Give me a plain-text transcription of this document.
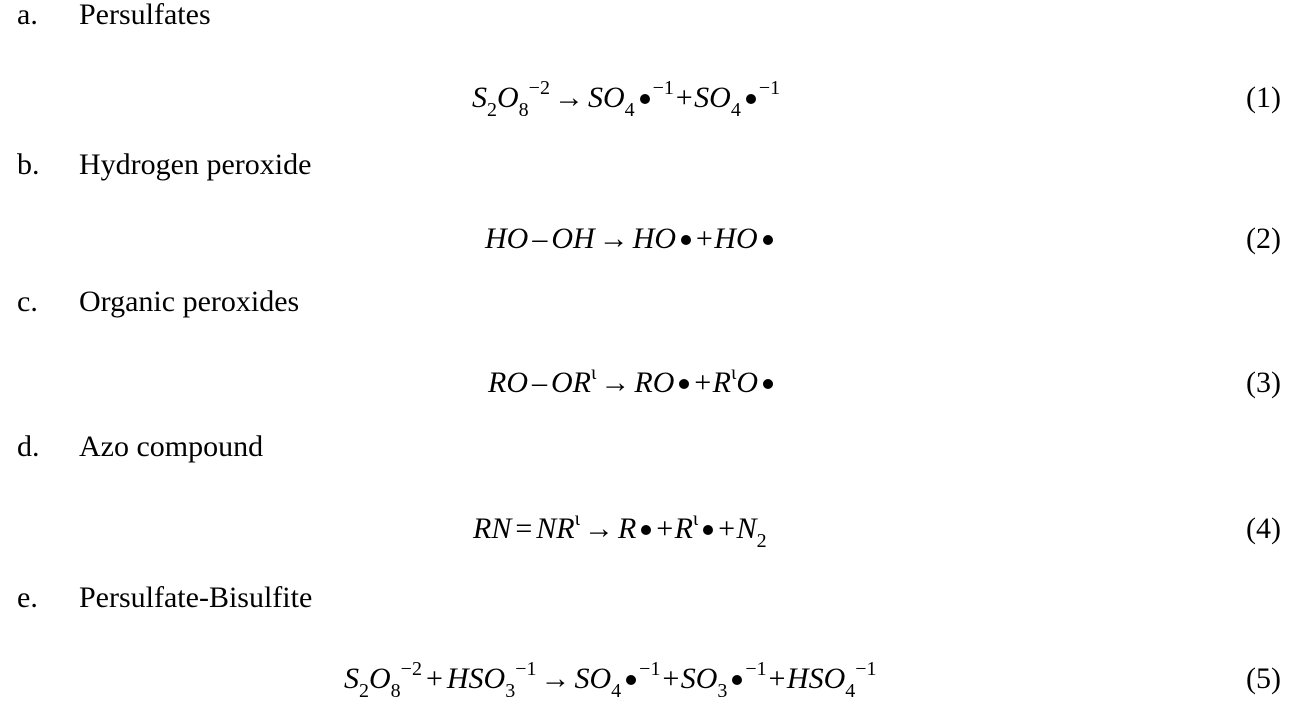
a. Persulfates
$S_2O_8^{-2} \to SO_4^{-1}+SO_4^{-1}$	(1)
b. Hydrogen peroxide
HO – OH → HO +HO	(2)
c. Organic peroxides
RO – $OR^\iota$ → RO $+R^\iota O$	(3)
d. Azo compound
RN = $NR^\iota \to R +R^\iota +N_2$	(4)
e. Persulfate-Bisulfite
$S_2O_8^{-2} + HSO_3^{-1} \to SO_4^{-1}+SO_3^{-1}+HSO_4^{-1}$	(5)
